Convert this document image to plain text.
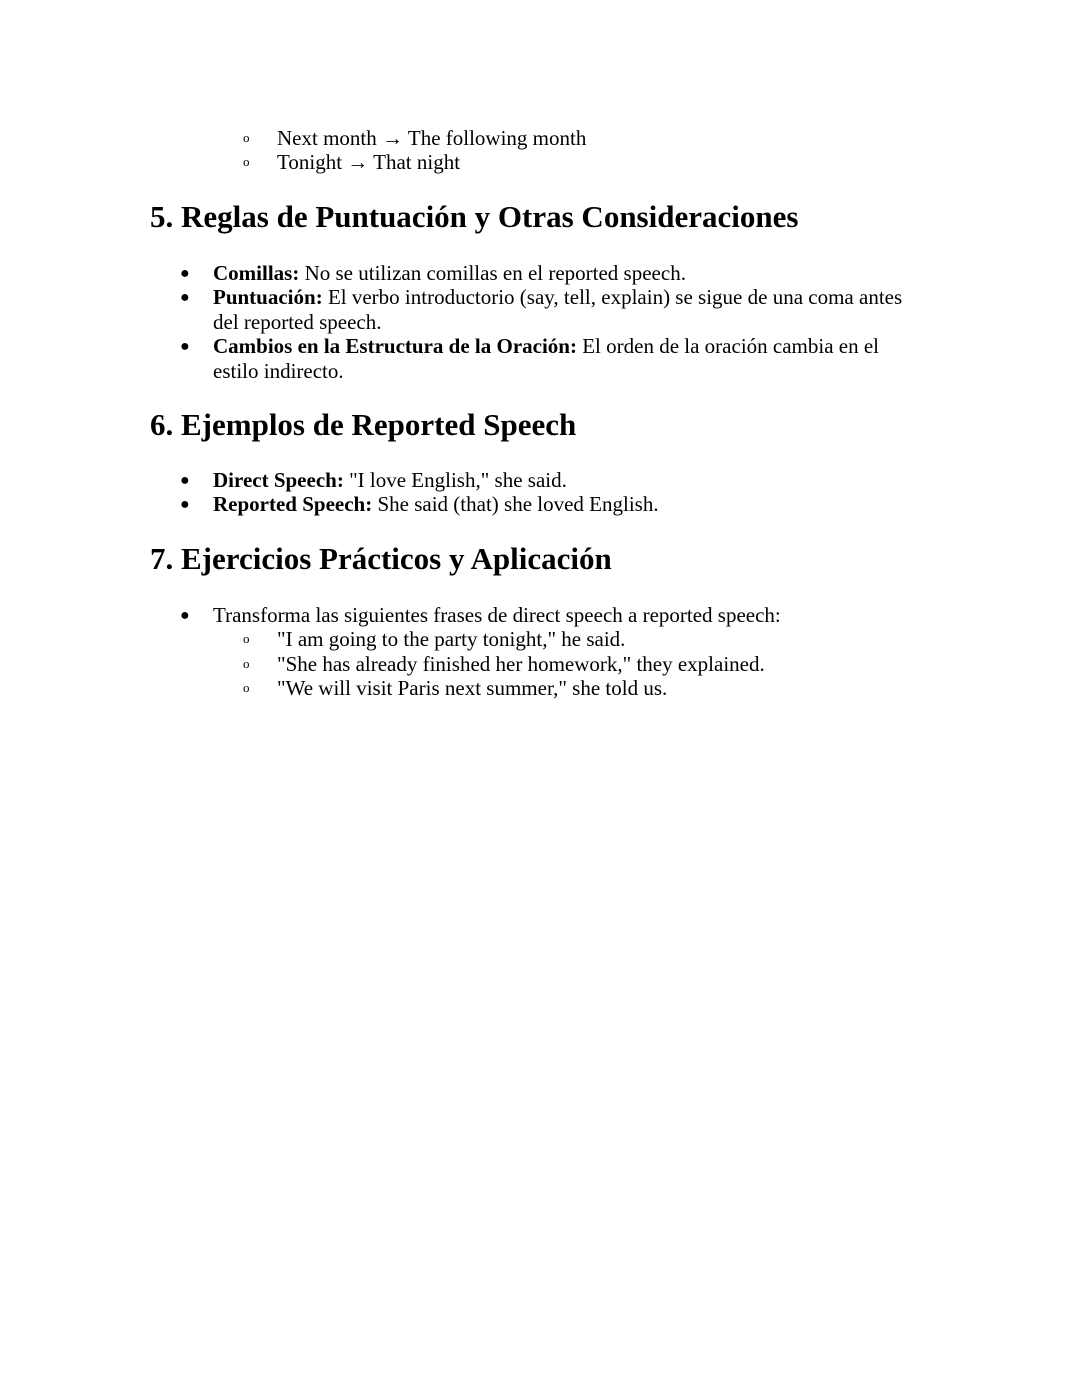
o Next month → The following month
o Tonight → That night
5. Reglas de Puntuación y Otras Consideraciones
● Comillas: No se utilizan comillas en el reported speech.
● Puntuación: El verbo introductorio (say, tell, explain) se sigue de una coma antes del reported speech.
● Cambios en la Estructura de la Oración: El orden de la oración cambia en el estilo indirecto.
6. Ejemplos de Reported Speech
● Direct Speech: "I love English," she said.
● Reported Speech: She said (that) she loved English.
7. Ejercicios Prácticos y Aplicación
● Transforma las siguientes frases de direct speech a reported speech:
o "I am going to the party tonight," he said.
o "She has already finished her homework," they explained.
o "We will visit Paris next summer," she told us.
